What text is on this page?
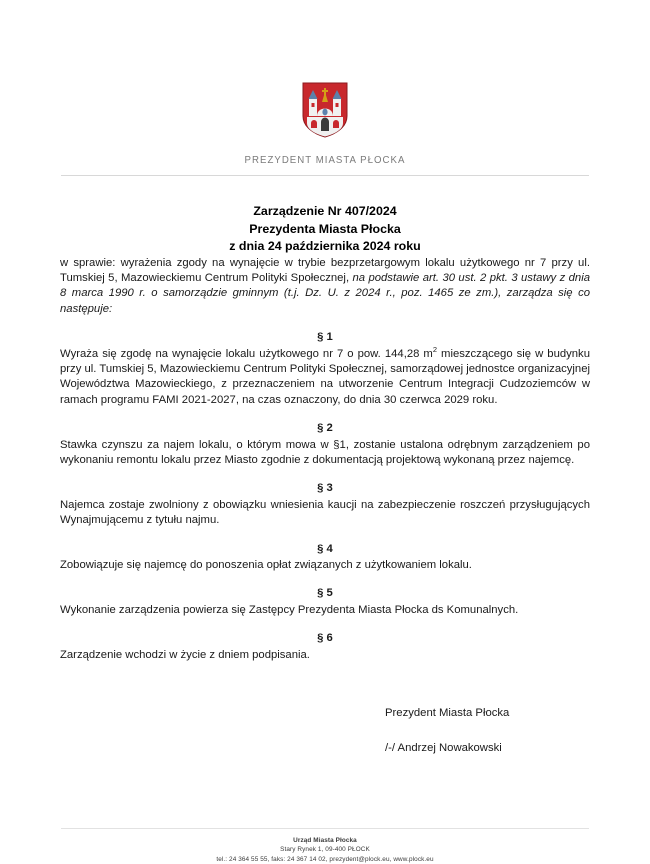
PREZYDENT MIASTA PŁOCKA
Zarządzenie Nr 407/2024
Prezydenta Miasta Płocka
z dnia 24 października 2024 roku

w sprawie: wyrażenia zgody na wynajęcie w trybie bezprzetargowym lokalu użytkowego nr 7 przy ul. Tumskiej 5, Mazowieckiemu Centrum Polityki Społecznej, na podstawie art. 30 ust. 2 pkt. 3 ustawy z dnia 8 marca 1990 r. o samorządzie gminnym (t.j. Dz. U. z 2024 r., poz. 1465 ze zm.), zarządza się co następuje:

§ 1

Wyraża się zgodę na wynajęcie lokalu użytkowego nr 7 o pow. 144,28 $m^2$ mieszczącego się w budynku przy ul. Tumskiej 5, Mazowieckiemu Centrum Polityki Społecznej, samorządowej jednostce organizacyjnej Województwa Mazowieckiego, z przeznaczeniem na utworzenie Centrum Integracji Cudzoziemców w ramach programu FAMI 2021-2027, na czas oznaczony, do dnia 30 czerwca 2029 roku.

§ 2

Stawka czynszu za najem lokalu, o którym mowa w §1, zostanie ustalona odrębnym zarządzeniem po wykonaniu remontu lokalu przez Miasto zgodnie z dokumentacją projektową wykonaną przez najemcę.

§ 3

Najemca zostaje zwolniony z obowiązku wniesienia kaucji na zabezpieczenie roszczeń przysługujących Wynajmującemu z tytułu najmu.

§ 4

Zobowiązuje się najemcę do ponoszenia opłat związanych z użytkowaniem lokalu.

§ 5

Wykonanie zarządzenia powierza się Zastępcy Prezydenta Miasta Płocka ds Komunalnych.

§ 6

Zarządzenie wchodzi w życie z dniem podpisania.

Prezydent Miasta Płocka
/-/ Andrzej Nowakowski
Urząd Miasta Płocka
Stary Rynek 1, 09-400 PŁOCK
tel.: 24 364 55 55, faks: 24 367 14 02, prezydent@plock.eu, www.plock.eu
